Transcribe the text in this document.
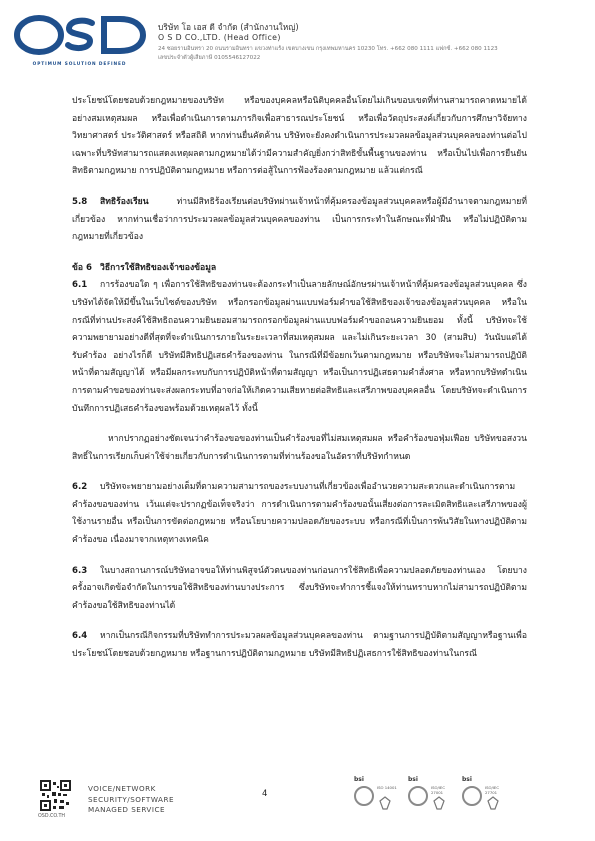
OPTIMUM SOLUTION DEFINED
บริษัท โอ เอส ดี จำกัด (สำนักงานใหญ่)
O S D CO.,LTD. (Head Office)
24 ซอยรามอินทรา 20 ถนนรามอินทรา แขวงท่าแร้ง เขตบางเขน กรุงเทพมหานคร 10230 โทร. +662 080 1111 แฟกซ์. +662 080 1123
เลขประจำตัวผู้เสียภาษี 0105546127022

ประโยชน์โดยชอบด้วยกฎหมายของบริษัท หรือของบุคคลหรือนิติบุคคลอื่นโดยไม่เกินขอบเขตที่ท่านสามารถคาดหมายได้อย่างสมเหตุสมผล หรือเพื่อดำเนินการตามภารกิจเพื่อสาธารณประโยชน์ หรือเพื่อวัตถุประสงค์เกี่ยวกับการศึกษาวิจัยทางวิทยาศาสตร์ ประวัติศาสตร์ หรือสถิติ หากท่านยื่นคัดค้าน บริษัทจะยังคงดำเนินการประมวลผลข้อมูลส่วนบุคคลของท่านต่อไปเฉพาะที่บริษัทสามารถแสดงเหตุผลตามกฎหมายได้ว่ามีความสำคัญยิ่งกว่าสิทธิขั้นพื้นฐานของท่าน หรือเป็นไปเพื่อการยืนยันสิทธิตามกฎหมาย การปฏิบัติตามกฎหมาย หรือการต่อสู้ในการฟ้องร้องตามกฎหมาย แล้วแต่กรณี

5.8 สิทธิร้องเรียน ท่านมีสิทธิร้องเรียนต่อบริษัทผ่านเจ้าหน้าที่คุ้มครองข้อมูลส่วนบุคคลหรือผู้มีอำนาจตามกฎหมายที่เกี่ยวข้อง หากท่านเชื่อว่าการประมวลผลข้อมูลส่วนบุคคลของท่าน เป็นการกระทำในลักษณะที่ฝ่าฝืน หรือไม่ปฏิบัติตามกฎหมายที่เกี่ยวข้อง

ข้อ 6 วิธีการใช้สิทธิของเจ้าของข้อมูล

6.1 การร้องขอใด ๆ เพื่อการใช้สิทธิของท่านจะต้องกระทำเป็นลายลักษณ์อักษรผ่านเจ้าหน้าที่คุ้มครองข้อมูลส่วนบุคคล ซึ่งบริษัทได้จัดให้มีขึ้นในเว็บไซต์ของบริษัท หรือกรอกข้อมูลผ่านแบบฟอร์มคำขอใช้สิทธิของเจ้าของข้อมูลส่วนบุคคล หรือในกรณีที่ท่านประสงค์ใช้สิทธิถอนความยินยอมสามารถกรอกข้อมูลผ่านแบบฟอร์มคำขอถอนความยินยอม ทั้งนี้ บริษัทจะใช้ความพยายามอย่างดีที่สุดที่จะดำเนินการภายในระยะเวลาที่สมเหตุสมผล และไม่เกินระยะเวลา 30 (สามสิบ) วันนับแต่ได้รับคำร้อง อย่างไรก็ดี บริษัทมีสิทธิปฏิเสธคำร้องของท่าน ในกรณีที่มีข้อยกเว้นตามกฎหมาย หรือบริษัทจะไม่สามารถปฏิบัติหน้าที่ตามสัญญาได้ หรือมีผลกระทบกับการปฏิบัติหน้าที่ตามสัญญา หรือเป็นการปฏิเสธตามคำสั่งศาล หรือหากบริษัทดำเนินการตามคำขอของท่านจะส่งผลกระทบที่อาจก่อให้เกิดความเสียหายต่อสิทธิและเสรีภาพของบุคคลอื่น โดยบริษัทจะดำเนินการบันทึกการปฏิเสธคำร้องขอพร้อมด้วยเหตุผลไว้ ทั้งนี้

หากปรากฏอย่างชัดเจนว่าคำร้องขอของท่านเป็นคำร้องขอที่ไม่สมเหตุสมผล หรือคำร้องขอฟุ่มเฟือย บริษัทขอสงวนสิทธิ์ในการเรียกเก็บค่าใช้จ่ายเกี่ยวกับการดำเนินการตามที่ท่านร้องขอในอัตราที่บริษัทกำหนด

6.2 บริษัทจะพยายามอย่างเต็มที่ตามความสามารถของระบบงานที่เกี่ยวข้องเพื่ออำนวยความสะดวกและดำเนินการตามคำร้องขอของท่าน เว้นแต่จะปรากฏข้อเท็จจริงว่า การดำเนินการตามคำร้องขอนั้นเสี่ยงต่อการละเมิดสิทธิและเสรีภาพของผู้ใช้งานรายอื่น หรือเป็นการขัดต่อกฎหมาย หรือนโยบายความปลอดภัยของระบบ หรือกรณีที่เป็นการพ้นวิสัยในทางปฏิบัติตามคำร้องขอ เนื่องมาจากเหตุทางเทคนิค

6.3 ในบางสถานการณ์บริษัทอาจขอให้ท่านพิสูจน์ตัวตนของท่านก่อนการใช้สิทธิเพื่อความปลอดภัยของท่านเอง โดยบางครั้งอาจเกิดข้อจำกัดในการขอใช้สิทธิของท่านบางประการ ซึ่งบริษัทจะทำการชี้แจงให้ท่านทราบหากไม่สามารถปฏิบัติตามคำร้องขอใช้สิทธิของท่านได้

6.4 หากเป็นกรณีกิจกรรมที่บริษัททำการประมวลผลข้อมูลส่วนบุคคลของท่าน ตามฐานการปฏิบัติตามสัญญาหรือฐานเพื่อประโยชน์โดยชอบด้วยกฎหมาย หรือฐานการปฏิบัติตามกฎหมาย บริษัทมีสิทธิปฏิเสธการใช้สิทธิของท่านในกรณี

OSD.CO.TH
VOICE/NETWORK
SECURITY/SOFTWARE
MANAGED SERVICE
4
bsi
ISO 14001
bsi
ISO/IEC 27001
bsi
ISO/IEC 27701
